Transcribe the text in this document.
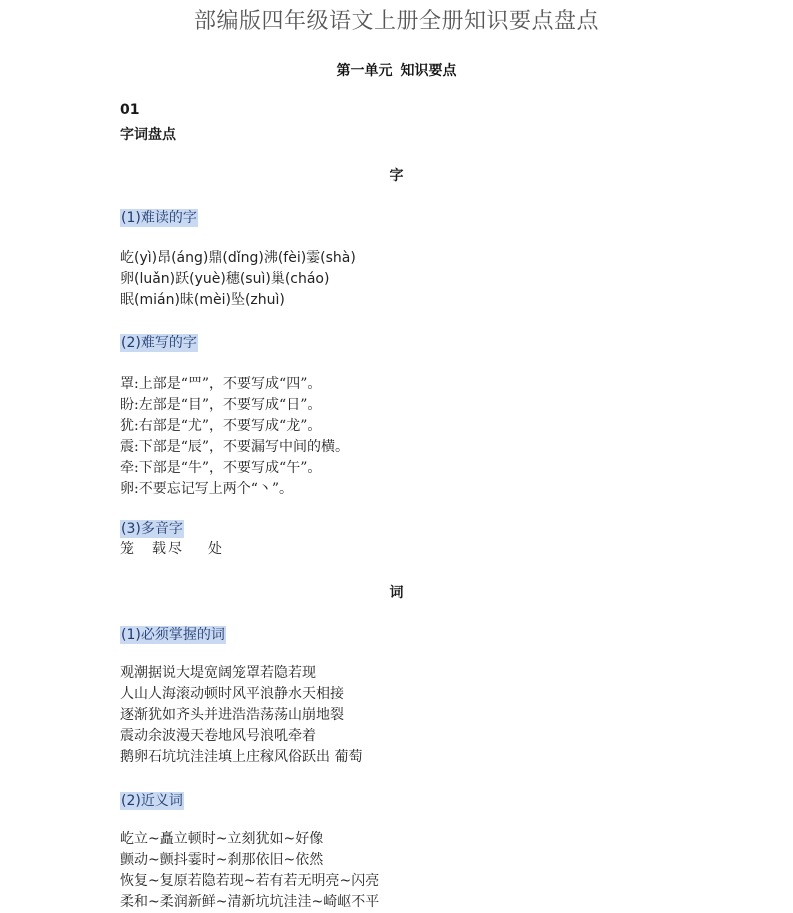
部编版四年级语文上册全册知识要点盘点
第一单元 知识要点
01
字词盘点
字
(1)难读的字
屹(yì)昂(áng)鼎(dǐng)沸(fèi)霎(shà)
卵(luǎn)跃(yuè)穗(suì)巢(cháo)
眠(mián)昧(mèi)坠(zhuì)
(2)难写的字
罩:上部是“罒”，不要写成“四”。
盼:左部是“目”，不要写成“日”。
犹:右部是“尤”，不要写成“龙”。
震:下部是“辰”，不要漏写中间的横。
牵:下部是“牛”，不要写成“午”。
卵:不要忘记写上两个“丶”。
(3)多音字
笼 载 尽 处
词
(1)必须掌握的词
观潮据说大堤宽阔笼罩若隐若现
人山人海滚动顿时风平浪静水天相接
逐渐犹如齐头并进浩浩荡荡山崩地裂
震动余波漫天卷地风号浪吼牵着
鹅卵石坑坑洼洼填上庄稼风俗跃出 葡萄
(2)近义词
屹立~矗立顿时~立刻犹如~好像
颤动~颤抖霎时~刹那依旧~依然
恢复~复原若隐若现~若有若无明亮~闪亮
柔和~柔润新鲜~清新坑坑洼洼~崎岖不平
